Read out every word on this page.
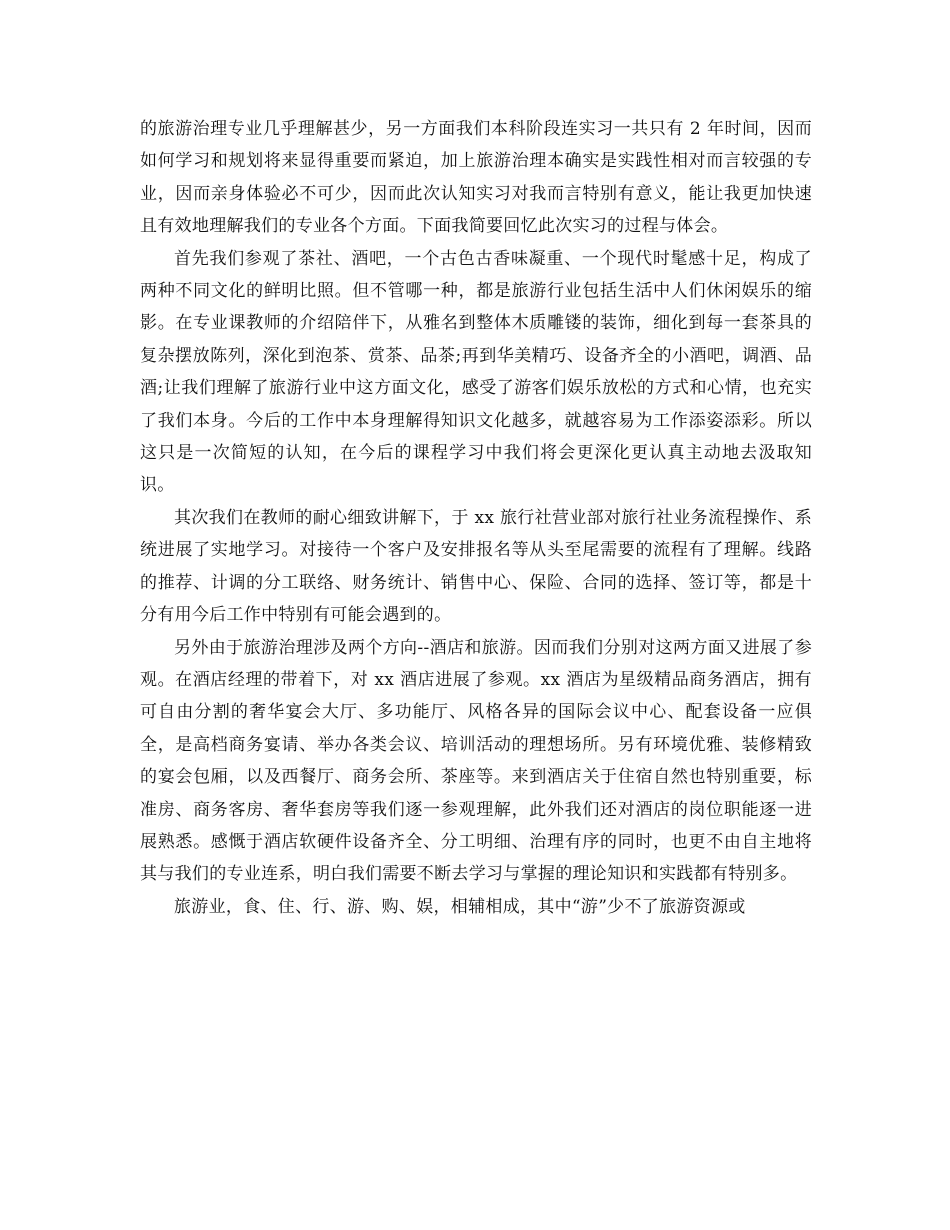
的旅游治理专业几乎理解甚少，另一方面我们本科阶段连实习一共只有 2 年时间，因而如何学习和规划将来显得重要而紧迫，加上旅游治理本确实是实践性相对而言较强的专业，因而亲身体验必不可少，因而此次认知实习对我而言特别有意义，能让我更加快速且有效地理解我们的专业各个方面。下面我简要回忆此次实习的过程与体会。

首先我们参观了茶社、酒吧，一个古色古香味凝重、一个现代时髦感十足，构成了两种不同文化的鲜明比照。但不管哪一种，都是旅游行业包括生活中人们休闲娱乐的缩影。在专业课教师的介绍陪伴下，从雅名到整体木质雕镂的装饰，细化到每一套茶具的复杂摆放陈列，深化到泡茶、赏茶、品茶;再到华美精巧、设备齐全的小酒吧，调酒、品酒;让我们理解了旅游行业中这方面文化，感受了游客们娱乐放松的方式和心情，也充实了我们本身。今后的工作中本身理解得知识文化越多，就越容易为工作添姿添彩。所以这只是一次简短的认知，在今后的课程学习中我们将会更深化更认真主动地去汲取知识。

其次我们在教师的耐心细致讲解下，于 xx 旅行社营业部对旅行社业务流程操作、系统进展了实地学习。对接待一个客户及安排报名等从头至尾需要的流程有了理解。线路的推荐、计调的分工联络、财务统计、销售中心、保险、合同的选择、签订等，都是十分有用今后工作中特别有可能会遇到的。

另外由于旅游治理涉及两个方向--酒店和旅游。因而我们分别对这两方面又进展了参观。在酒店经理的带着下，对 xx 酒店进展了参观。xx 酒店为星级精品商务酒店，拥有可自由分割的奢华宴会大厅、多功能厅、风格各异的国际会议中心、配套设备一应俱全，是高档商务宴请、举办各类会议、培训活动的理想场所。另有环境优雅、装修精致的宴会包厢，以及西餐厅、商务会所、茶座等。来到酒店关于住宿自然也特别重要，标准房、商务客房、奢华套房等我们逐一参观理解，此外我们还对酒店的岗位职能逐一进展熟悉。感慨于酒店软硬件设备齐全、分工明细、治理有序的同时，也更不由自主地将其与我们的专业连系，明白我们需要不断去学习与掌握的理论知识和实践都有特别多。

旅游业，食、住、行、游、购、娱，相辅相成，其中“游”少不了旅游资源或
